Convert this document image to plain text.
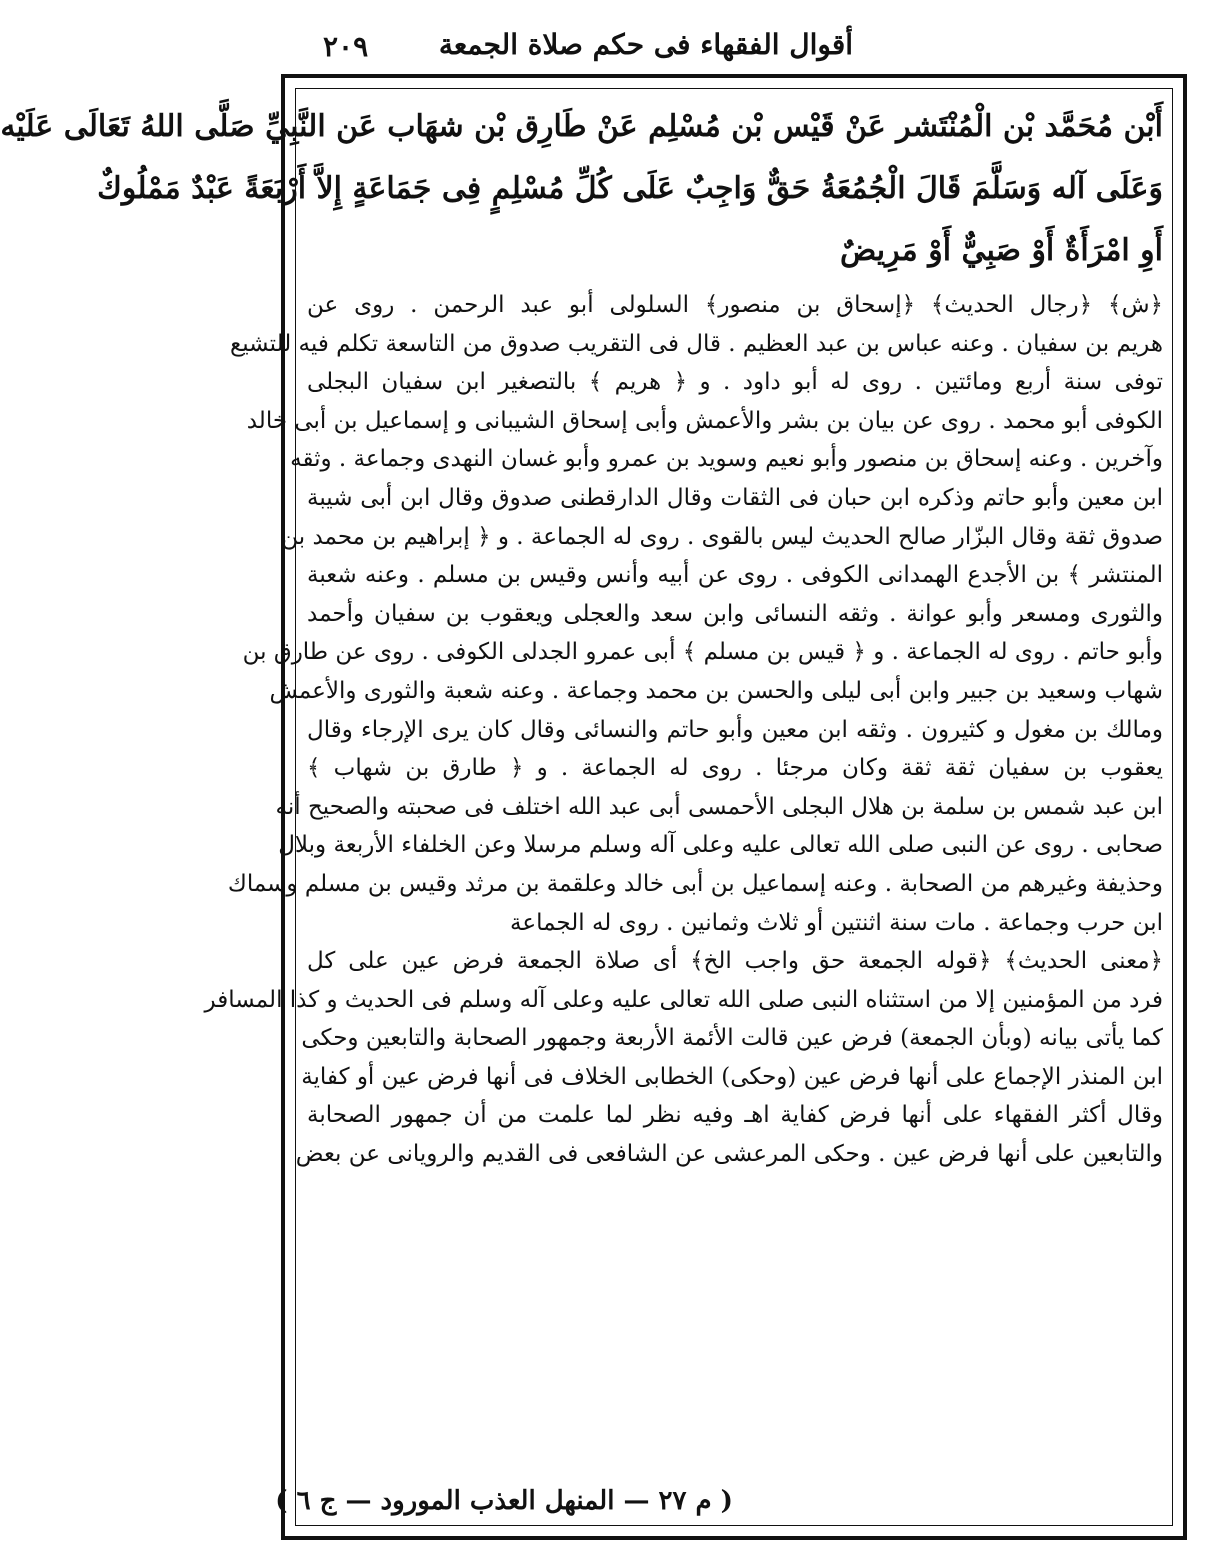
أقوال الفقهاء فى حكم صلاة الجمعة
٢٠٩
أَبْن مُحَمَّد بْن الْمُنْتَشر عَنْ قَيْس بْن مُسْلِم عَنْ طَارِق بْن شهَاب عَن النَّبِيِّ صَلَّى اللهُ تَعَالَى عَلَيْه
وَعَلَى آله وَسَلَّمَ قَالَ الْجُمُعَةُ حَقٌّ وَاجِبٌ عَلَى كُلِّ مُسْلِمٍ فِى جَمَاعَةٍ إِلاَّ أَرْبَعَةً عَبْدٌ مَمْلُوكٌ
أَوِ امْرَأَةٌ أَوْ صَبِيٌّ أَوْ مَرِيضٌ
﴿ش﴾ ﴿رجال الحديث﴾ ﴿إسحاق بن منصور﴾ السلولى أبو عبد الرحمن . روى عن
هريم بن سفيان . وعنه عباس بن عبد العظيم . قال فى التقريب صدوق من التاسعة تكلم فيه للتشيع
توفى سنة أربع ومائتين . روى له أبو داود . و ﴿ هريم ﴾ بالتصغير ابن سفيان البجلى
الكوفى أبو محمد . روى عن بيان بن بشر والأعمش وأبى إسحاق الشيبانى و إسماعيل بن أبى خالد
وآخرين . وعنه إسحاق بن منصور وأبو نعيم وسويد بن عمرو وأبو غسان النهدى وجماعة . وثقه
ابن معين وأبو حاتم وذكره ابن حبان فى الثقات وقال الدارقطنى صدوق وقال ابن أبى شيبة
صدوق ثقة وقال البزّار صالح الحديث ليس بالقوى . روى له الجماعة . و ﴿ إبراهيم بن محمد بن
المنتشر ﴾ بن الأجدع الهمدانى الكوفى . روى عن أبيه وأنس وقيس بن مسلم . وعنه شعبة
والثورى ومسعر وأبو عوانة . وثقه النسائى وابن سعد والعجلى ويعقوب بن سفيان وأحمد
وأبو حاتم . روى له الجماعة . و ﴿ قيس بن مسلم ﴾ أبى عمرو الجدلى الكوفى . روى عن طارق بن
شهاب وسعيد بن جبير وابن أبى ليلى والحسن بن محمد وجماعة . وعنه شعبة والثورى والأعمش
ومالك بن مغول و كثيرون . وثقه ابن معين وأبو حاتم والنسائى وقال كان يرى الإرجاء وقال
يعقوب بن سفيان ثقة ثقة وكان مرجئا . روى له الجماعة . و ﴿ طارق بن شهاب ﴾
ابن عبد شمس بن سلمة بن هلال البجلى الأحمسى أبى عبد الله اختلف فى صحبته والصحيح أنه
صحابى . روى عن النبى صلى الله تعالى عليه وعلى آله وسلم مرسلا وعن الخلفاء الأربعة وبلال
وحذيفة وغيرهم من الصحابة . وعنه إسماعيل بن أبى خالد وعلقمة بن مرثد وقيس بن مسلم وسماك
ابن حرب وجماعة . مات سنة اثنتين أو ثلاث وثمانين . روى له الجماعة
﴿معنى الحديث﴾ ﴿قوله الجمعة حق واجب الخ﴾ أى صلاة الجمعة فرض عين على كل
فرد من المؤمنين إلا من استثناه النبى صلى الله تعالى عليه وعلى آله وسلم فى الحديث و كذا المسافر
كما يأتى بيانه (وبأن الجمعة) فرض عين قالت الأئمة الأربعة وجمهور الصحابة والتابعين وحكى
ابن المنذر الإجماع على أنها فرض عين (وحكى) الخطابى الخلاف فى أنها فرض عين أو كفاية
وقال أكثر الفقهاء على أنها فرض كفاية اهـ وفيه نظر لما علمت من أن جمهور الصحابة
والتابعين على أنها فرض عين . وحكى المرعشى عن الشافعى فى القديم والرويانى عن بعض
( م ٢٧ — المنهل العذب المورود — ج ٦ )
